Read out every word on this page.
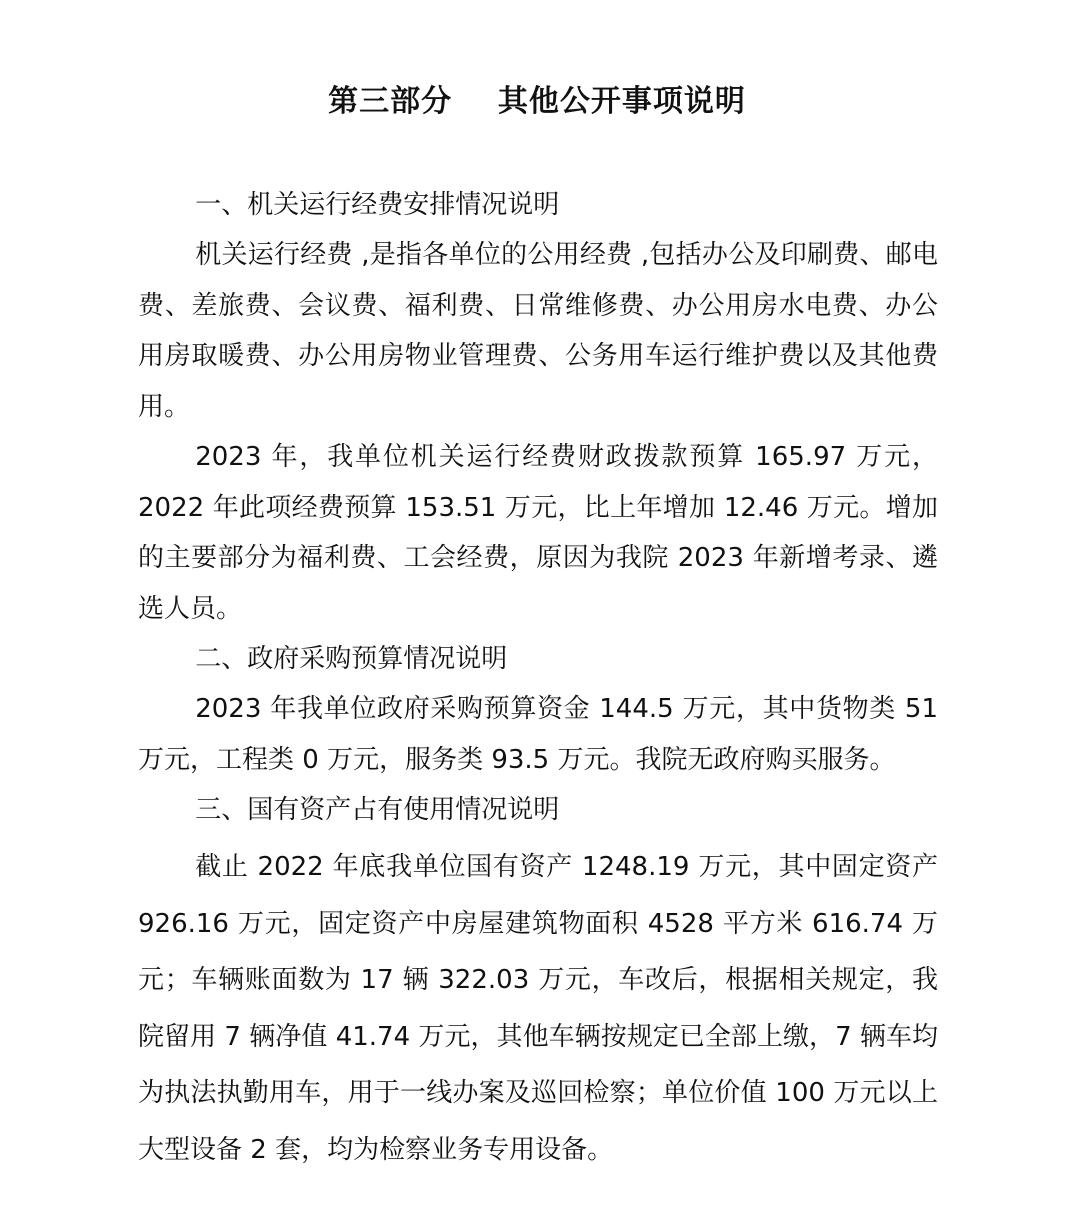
第三部分    其他公开事项说明

一、机关运行经费安排情况说明

机关运行经费 ,是指各单位的公用经费 ,包括办公及印刷费、邮电费、差旅费、会议费、福利费、日常维修费、办公用房水电费、办公用房取暖费、办公用房物业管理费、公务用车运行维护费以及其他费用。

2023 年，我单位机关运行经费财政拨款预算 165.97 万元，2022 年此项经费预算 153.51 万元，比上年增加 12.46 万元。增加的主要部分为福利费、工会经费，原因为我院 2023 年新增考录、遴选人员。

二、政府采购预算情况说明

2023 年我单位政府采购预算资金 144.5 万元，其中货物类 51 万元，工程类 0 万元，服务类 93.5 万元。我院无政府购买服务。

三、国有资产占有使用情况说明

截止 2022 年底我单位国有资产 1248.19 万元，其中固定资产 926.16 万元，固定资产中房屋建筑物面积 4528 平方米 616.74 万元；车辆账面数为 17 辆 322.03 万元，车改后，根据相关规定，我院留用 7 辆净值 41.74 万元，其他车辆按规定已全部上缴，7 辆车均为执法执勤用车，用于一线办案及巡回检察；单位价值 100 万元以上大型设备 2 套，均为检察业务专用设备。
